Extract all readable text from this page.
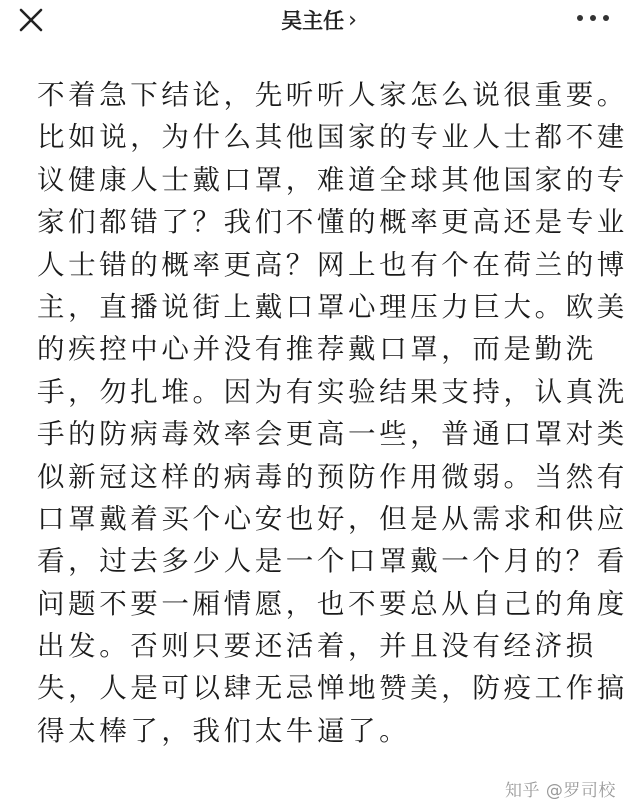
吴主任 ›
不着急下结论，先听听人家怎么说很重要。
比如说，为什么其他国家的专业人士都不建
议健康人士戴口罩，难道全球其他国家的专
家们都错了？我们不懂的概率更高还是专业
人士错的概率更高？网上也有个在荷兰的博
主，直播说街上戴口罩心理压力巨大。欧美
的疾控中心并没有推荐戴口罩，而是勤洗
手，勿扎堆。因为有实验结果支持，认真洗
手的防病毒效率会更高一些，普通口罩对类
似新冠这样的病毒的预防作用微弱。当然有
口罩戴着买个心安也好，但是从需求和供应
看，过去多少人是一个口罩戴一个月的？看
问题不要一厢情愿，也不要总从自己的角度
出发。否则只要还活着，并且没有经济损
失，人是可以肆无忌惮地赞美，防疫工作搞
得太棒了，我们太牛逼了。
知乎 @罗司校
